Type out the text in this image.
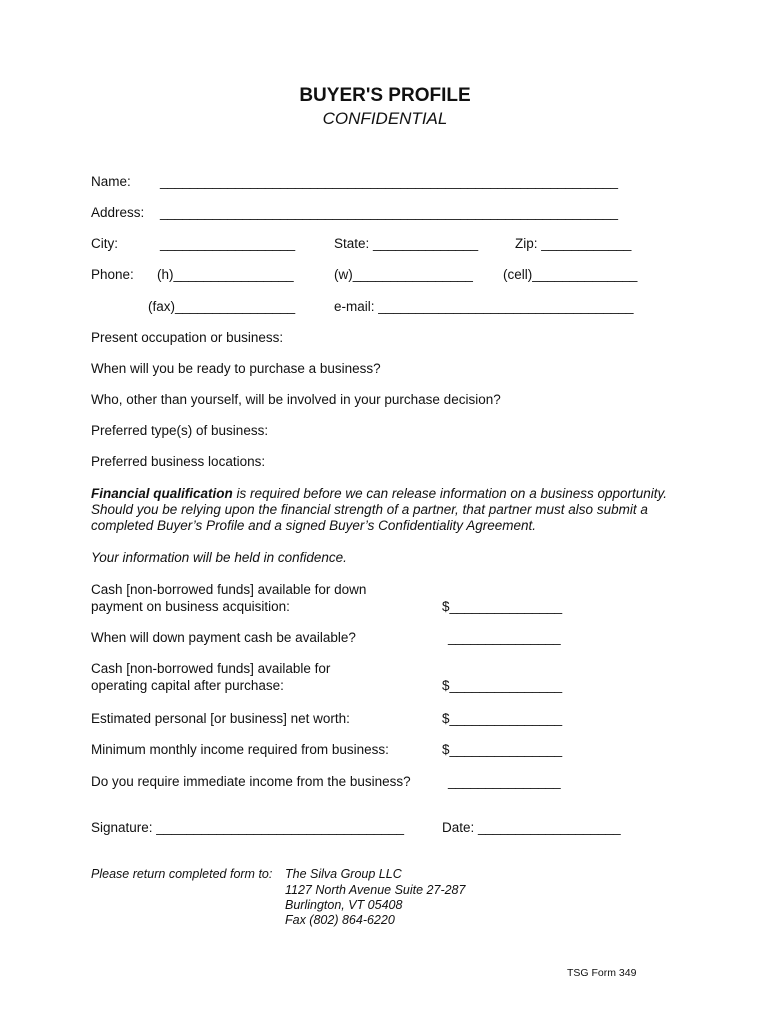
BUYER'S PROFILE
CONFIDENTIAL
Name: _____________________________________________________________
Address: _____________________________________________________________
City:	__________________	State: ______________	Zip: ____________
Phone: (h)________________	(w)________________ (cell)______________
(fax)________________	e-mail: __________________________________
Present occupation or business:
When will you be ready to purchase a business?
Who, other than yourself, will be involved in your purchase decision?
Preferred type(s) of business:
Preferred business locations:
Financial qualification is required before we can release information on a business opportunity. Should you be relying upon the financial strength of a partner, that partner must also submit a completed Buyer’s Profile and a signed Buyer’s Confidentiality Agreement.
Your information will be held in confidence.
Cash [non-borrowed funds] available for down
payment on business acquisition:	$_______________
When will down payment cash be available?	_______________
Cash [non-borrowed funds] available for
operating capital after purchase:	$_______________
Estimated personal [or business] net worth:	$_______________
Minimum monthly income required from business:	$_______________
Do you require immediate income from the business?	_______________
Signature: _________________________________	Date: ___________________
Please return completed form to: The Silva Group LLC
1127 North Avenue Suite 27-287
Burlington, VT 05408
Fax (802) 864-6220
TSG Form 349
